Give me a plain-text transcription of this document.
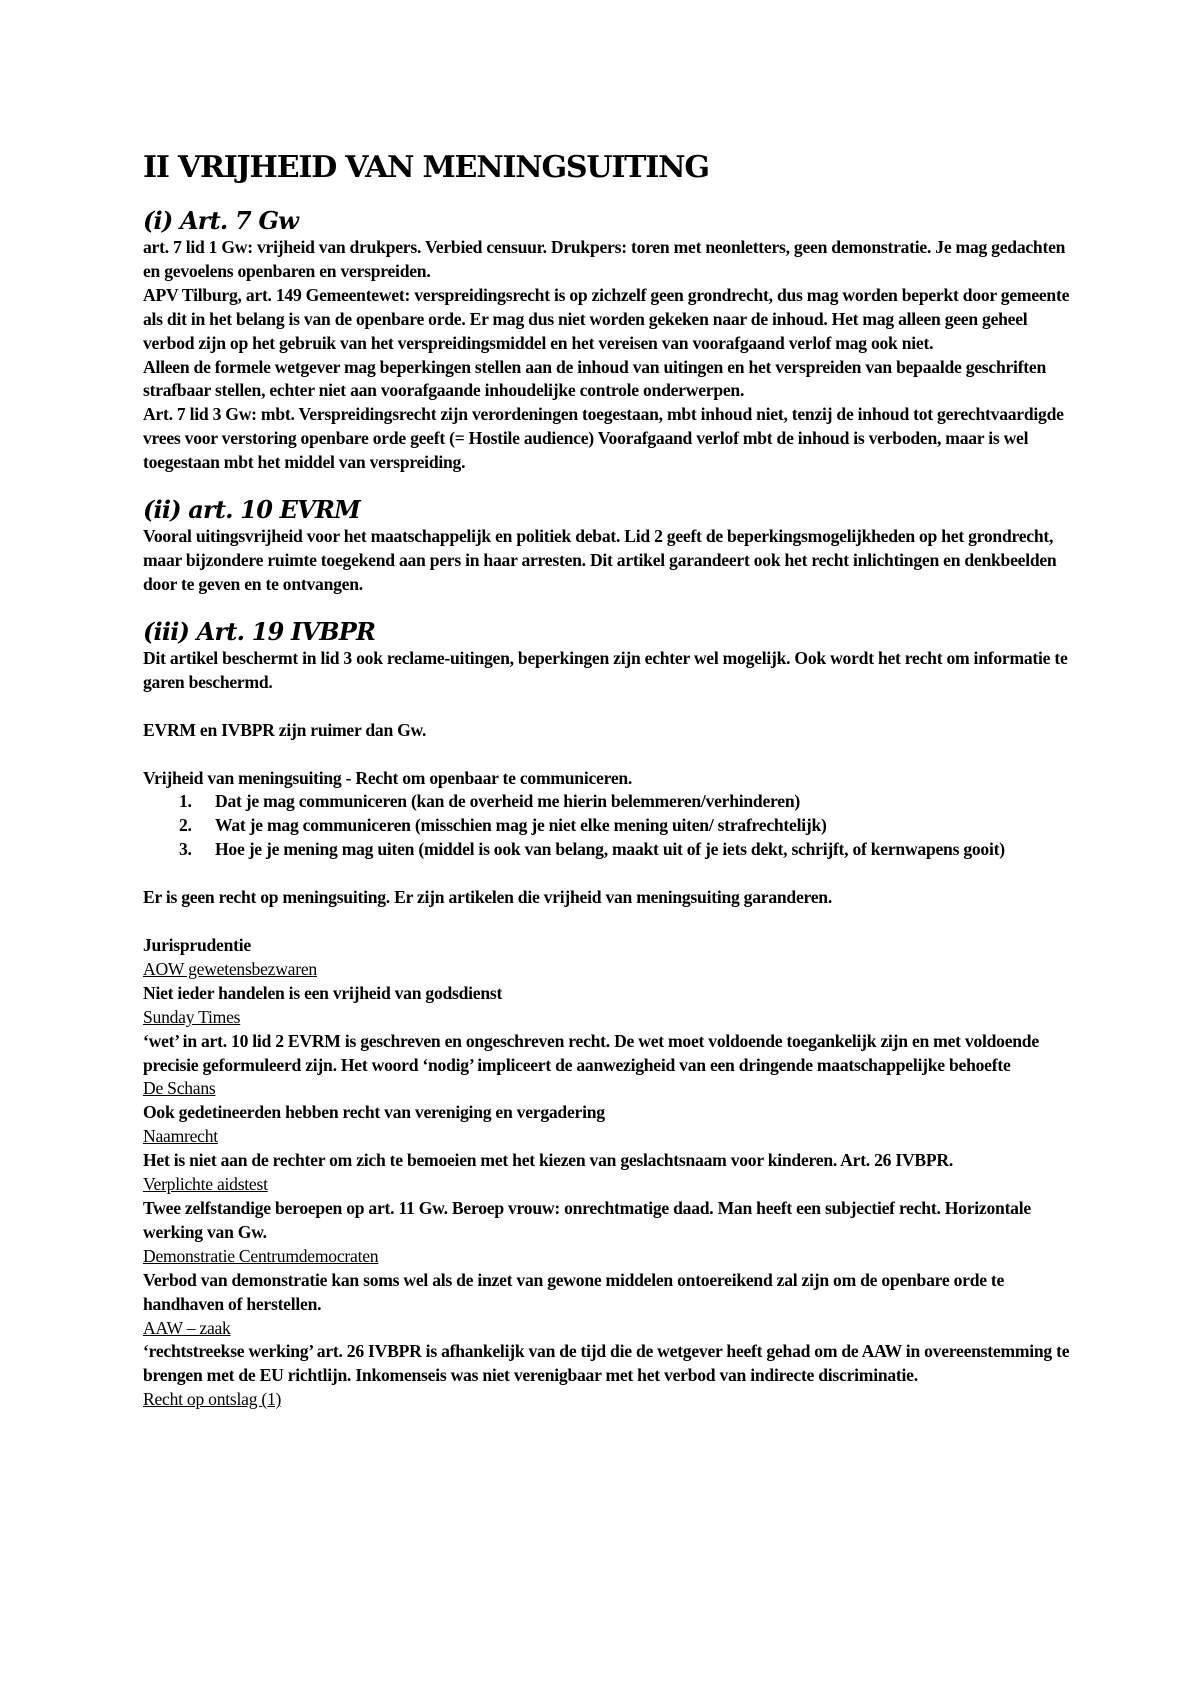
II VRIJHEID VAN MENINGSUITING
(i) Art. 7 Gw

art. 7 lid 1 Gw: vrijheid van drukpers. Verbied censuur. Drukpers: toren met neonletters, geen demonstratie. Je mag gedachten en gevoelens openbaren en verspreiden.

APV Tilburg, art. 149 Gemeentewet: verspreidingsrecht is op zichzelf geen grondrecht, dus mag worden beperkt door gemeente als dit in het belang is van de openbare orde. Er mag dus niet worden gekeken naar de inhoud. Het mag alleen geen geheel verbod zijn op het gebruik van het verspreidingsmiddel en het vereisen van voorafgaand verlof mag ook niet.

Alleen de formele wetgever mag beperkingen stellen aan de inhoud van uitingen en het verspreiden van bepaalde geschriften strafbaar stellen, echter niet aan voorafgaande inhoudelijke controle onderwerpen.

Art. 7 lid 3 Gw: mbt. Verspreidingsrecht zijn verordeningen toegestaan, mbt inhoud niet, tenzij de inhoud tot gerechtvaardigde vrees voor verstoring openbare orde geeft (= Hostile audience) Voorafgaand verlof mbt de inhoud is verboden, maar is wel toegestaan mbt het middel van verspreiding.

(ii) art. 10 EVRM

Vooral uitingsvrijheid voor het maatschappelijk en politiek debat. Lid 2 geeft de beperkingsmogelijkheden op het grondrecht, maar bijzondere ruimte toegekend aan pers in haar arresten. Dit artikel garandeert ook het recht inlichtingen en denkbeelden door te geven en te ontvangen.

(iii) Art. 19 IVBPR

Dit artikel beschermt in lid 3 ook reclame-uitingen, beperkingen zijn echter wel mogelijk. Ook wordt het recht om informatie te garen beschermd.

EVRM en IVBPR zijn ruimer dan Gw.

Vrijheid van meningsuiting - Recht om openbaar te communiceren.

1. Dat je mag communiceren (kan de overheid me hierin belemmeren/verhinderen)
2. Wat je mag communiceren (misschien mag je niet elke mening uiten/ strafrechtelijk)
3. Hoe je je mening mag uiten (middel is ook van belang, maakt uit of je iets dekt, schrijft, of kernwapens gooit)

Er is geen recht op meningsuiting. Er zijn artikelen die vrijheid van meningsuiting garanderen.

Jurisprudentie

AOW gewetensbezwaren

Niet ieder handelen is een vrijheid van godsdienst

Sunday Times

‘wet’ in art. 10 lid 2 EVRM is geschreven en ongeschreven recht. De wet moet voldoende toegankelijk zijn en met voldoende precisie geformuleerd zijn. Het woord ‘nodig’ impliceert de aanwezigheid van een dringende maatschappelijke behoefte

De Schans

Ook gedetineerden hebben recht van vereniging en vergadering

Naamrecht

Het is niet aan de rechter om zich te bemoeien met het kiezen van geslachtsnaam voor kinderen. Art. 26 IVBPR.

Verplichte aidstest

Twee zelfstandige beroepen op art. 11 Gw. Beroep vrouw: onrechtmatige daad. Man heeft een subjectief recht. Horizontale werking van Gw.

Demonstratie Centrumdemocraten

Verbod van demonstratie kan soms wel als de inzet van gewone middelen ontoereikend zal zijn om de openbare orde te handhaven of herstellen.

AAW – zaak

‘rechtstreekse werking’ art. 26 IVBPR is afhankelijk van de tijd die de wetgever heeft gehad om de AAW in overeenstemming te brengen met de EU richtlijn. Inkomenseis was niet verenigbaar met het verbod van indirecte discriminatie.

Recht op ontslag (1)
